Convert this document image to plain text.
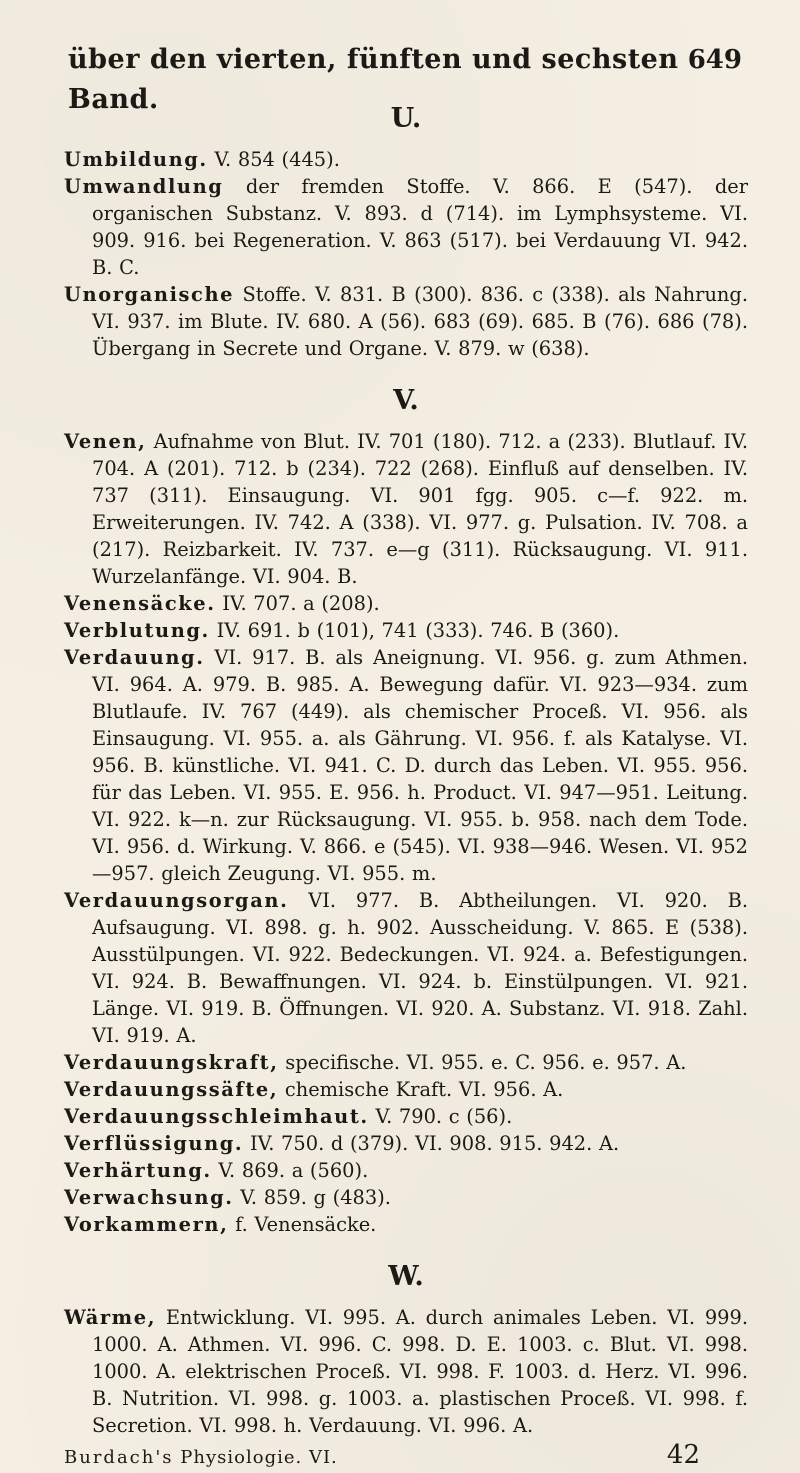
über den vierten, fünften und sechsten Band.
649
U.

Umbildung. V. 854 (445).

Umwandlung der fremden Stoffe. V. 866. E (547). der organischen Substanz. V. 893. d (714). im Lymphsysteme. VI. 909. 916. bei Regeneration. V. 863 (517). bei Verdauung VI. 942. B. C.

Unorganische Stoffe. V. 831. B (300). 836. c (338). als Nahrung. VI. 937. im Blute. IV. 680. A (56). 683 (69). 685. B (76). 686 (78). Übergang in Secrete und Organe. V. 879. w (638).

V.

Venen, Aufnahme von Blut. IV. 701 (180). 712. a (233). Blutlauf. IV. 704. A (201). 712. b (234). 722 (268). Einfluß auf denselben. IV. 737 (311). Einsaugung. VI. 901 fgg. 905. c—f. 922. m. Erweiterungen. IV. 742. A (338). VI. 977. g. Pulsation. IV. 708. a (217). Reizbarkeit. IV. 737. e—g (311). Rücksaugung. VI. 911. Wurzelanfänge. VI. 904. B.

Venensäcke. IV. 707. a (208).

Verblutung. IV. 691. b (101), 741 (333). 746. B (360).

Verdauung. VI. 917. B. als Aneignung. VI. 956. g. zum Athmen. VI. 964. A. 979. B. 985. A. Bewegung dafür. VI. 923—934. zum Blutlaufe. IV. 767 (449). als chemischer Proceß. VI. 956. als Einsaugung. VI. 955. a. als Gährung. VI. 956. f. als Katalyse. VI. 956. B. künstliche. VI. 941. C. D. durch das Leben. VI. 955. 956. für das Leben. VI. 955. E. 956. h. Product. VI. 947—951. Leitung. VI. 922. k—n. zur Rücksaugung. VI. 955. b. 958. nach dem Tode. VI. 956. d. Wirkung. V. 866. e (545). VI. 938—946. Wesen. VI. 952—957. gleich Zeugung. VI. 955. m.

Verdauungsorgan. VI. 977. B. Abtheilungen. VI. 920. B. Aufsaugung. VI. 898. g. h. 902. Ausscheidung. V. 865. E (538). Ausstülpungen. VI. 922. Bedeckungen. VI. 924. a. Befestigungen. VI. 924. B. Bewaffnungen. VI. 924. b. Einstülpungen. VI. 921. Länge. VI. 919. B. Öffnungen. VI. 920. A. Substanz. VI. 918. Zahl. VI. 919. A.

Verdauungskraft, specifische. VI. 955. e. C. 956. e. 957. A.

Verdauungssäfte, chemische Kraft. VI. 956. A.

Verdauungsschleimhaut. V. 790. c (56).

Verflüssigung. IV. 750. d (379). VI. 908. 915. 942. A.

Verhärtung. V. 869. a (560).

Verwachsung. V. 859. g (483).

Vorkammern, f. Venensäcke.

W.

Wärme, Entwicklung. VI. 995. A. durch animales Leben. VI. 999. 1000. A. Athmen. VI. 996. C. 998. D. E. 1003. c. Blut. VI. 998. 1000. A. elektrischen Proceß. VI. 998. F. 1003. d. Herz. VI. 996. B. Nutrition. VI. 998. g. 1003. a. plastischen Proceß. VI. 998. f. Secretion. VI. 998. h. Verdauung. VI. 996. A.

Burdach's Physiologie. VI.	42
